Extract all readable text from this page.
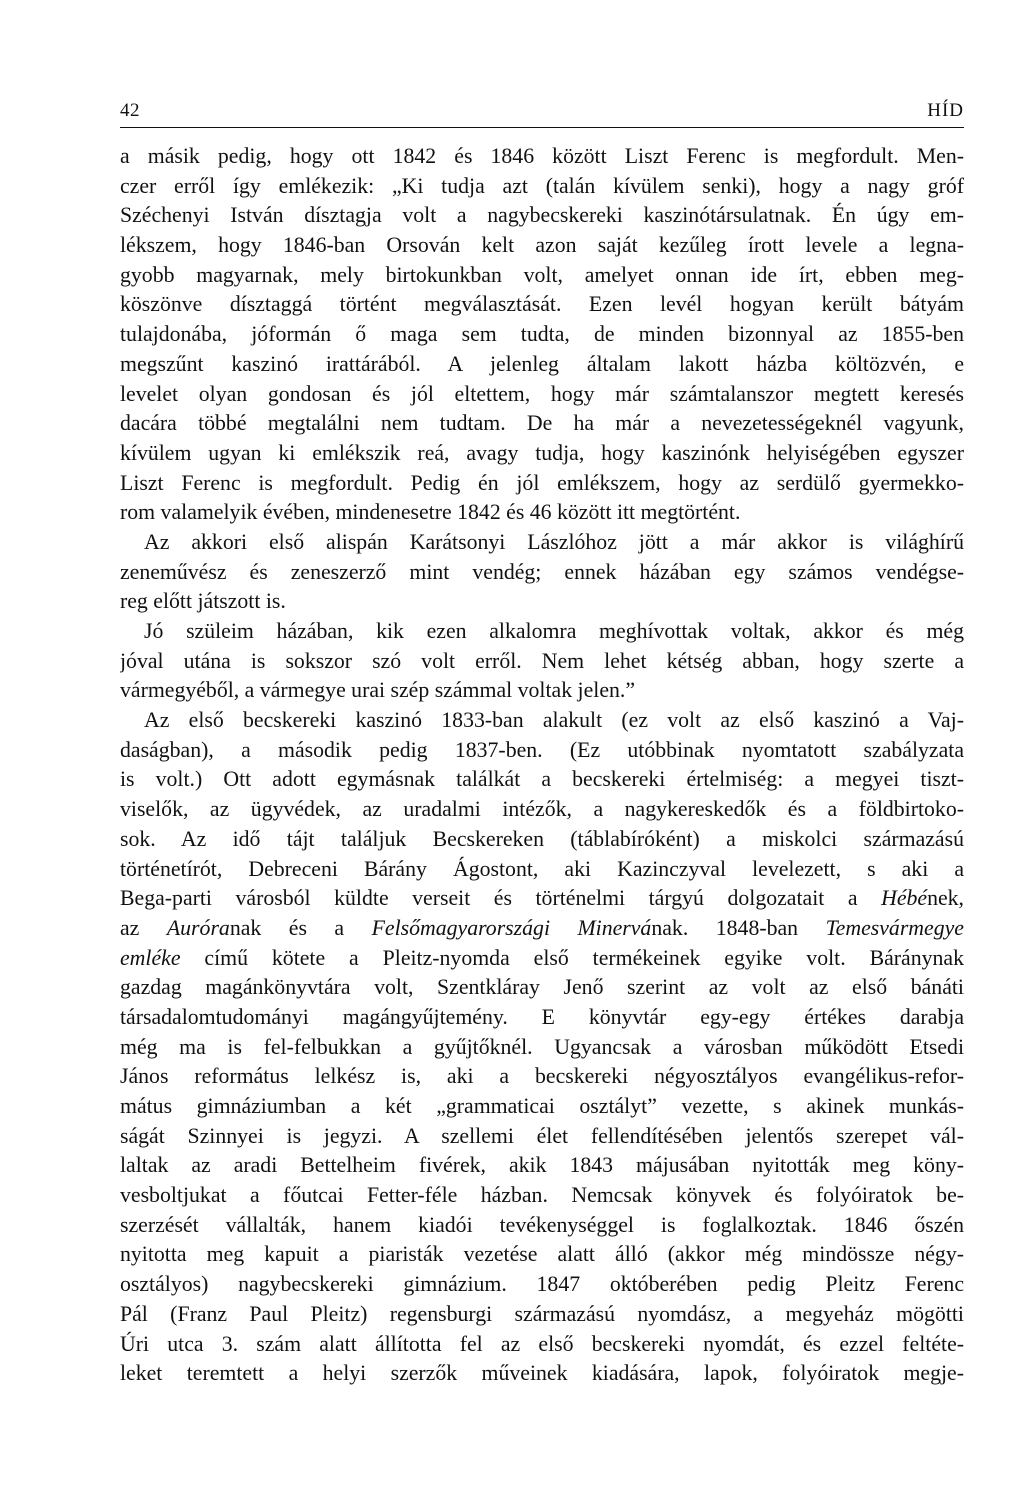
42	HÍD
a másik pedig, hogy ott 1842 és 1846 között Liszt Ferenc is megfordult. Men-
czer erről így emlékezik: „Ki tudja azt (talán kívülem senki), hogy a nagy gróf
Széchenyi István dísztagja volt a nagybecskereki kaszinótársulatnak. Én úgy em-
lékszem, hogy 1846-ban Orsován kelt azon saját kezűleg írott levele a legna-
gyobb magyarnak, mely birtokunkban volt, amelyet onnan ide írt, ebben meg-
köszönve dísztaggá történt megválasztását. Ezen levél hogyan került bátyám
tulajdonába, jóformán ő maga sem tudta, de minden bizonnyal az 1855-ben
megszűnt kaszinó irattárából. A jelenleg általam lakott házba költözvén, e
levelet olyan gondosan és jól eltettem, hogy már számtalanszor megtett keresés
dacára többé megtalálni nem tudtam. De ha már a nevezetességeknél vagyunk,
kívülem ugyan ki emlékszik reá, avagy tudja, hogy kaszinónk helyiségében egyszer
Liszt Ferenc is megfordult. Pedig én jól emlékszem, hogy az serdülő gyermekko-
rom valamelyik évében, mindenesetre 1842 és 46 között itt megtörtént.
Az akkori első alispán Karátsonyi Lászlóhoz jött a már akkor is világhírű
zeneművész és zeneszerző mint vendég; ennek házában egy számos vendégse-
reg előtt játszott is.
Jó szüleim házában, kik ezen alkalomra meghívottak voltak, akkor és még
jóval utána is sokszor szó volt erről. Nem lehet kétség abban, hogy szerte a
vármegyéből, a vármegye urai szép számmal voltak jelen.”
Az első becskereki kaszinó 1833-ban alakult (ez volt az első kaszinó a Vaj-
daságban), a második pedig 1837-ben. (Ez utóbbinak nyomtatott szabályzata
is volt.) Ott adott egymásnak találkát a becskereki értelmiség: a megyei tiszt-
viselők, az ügyvédek, az uradalmi intézők, a nagykereskedők és a földbirtoko-
sok. Az idő tájt találjuk Becskereken (táblabíróként) a miskolci származású
történetírót, Debreceni Bárány Ágostont, aki Kazinczyval levelezett, s aki a
Bega-parti városból küldte verseit és történelmi tárgyú dolgozatait a Hébének,
az Auróranak és a Felsőmagyarországi Minervának. 1848-ban Temesvármegye
emléke című kötete a Pleitz-nyomda első termékeinek egyike volt. Báránynak
gazdag magánkönyvtára volt, Szentkláray Jenő szerint az volt az első bánáti
társadalomtudományi magángyűjtemény. E könyvtár egy-egy értékes darabja
még ma is fel-felbukkan a gyűjtőknél. Ugyancsak a városban működött Etsedi
János református lelkész is, aki a becskereki négyosztályos evangélikus-refor-
mátus gimnáziumban a két „grammaticai osztályt” vezette, s akinek munkás-
ságát Szinnyei is jegyzi. A szellemi élet fellendítésében jelentős szerepet vál-
laltak az aradi Bettelheim fivérek, akik 1843 májusában nyitották meg köny-
vesboltjukat a főutcai Fetter-féle házban. Nemcsak könyvek és folyóiratok be-
szerzését vállalták, hanem kiadói tevékenységgel is foglalkoztak. 1846 őszén
nyitotta meg kapuit a piaristák vezetése alatt álló (akkor még mindössze négy-
osztályos) nagybecskereki gimnázium. 1847 októberében pedig Pleitz Ferenc
Pál (Franz Paul Pleitz) regensburgi származású nyomdász, a megyeház mögötti
Úri utca 3. szám alatt állította fel az első becskereki nyomdát, és ezzel feltéte-
leket teremtett a helyi szerzők műveinek kiadására, lapok, folyóiratok megje-
